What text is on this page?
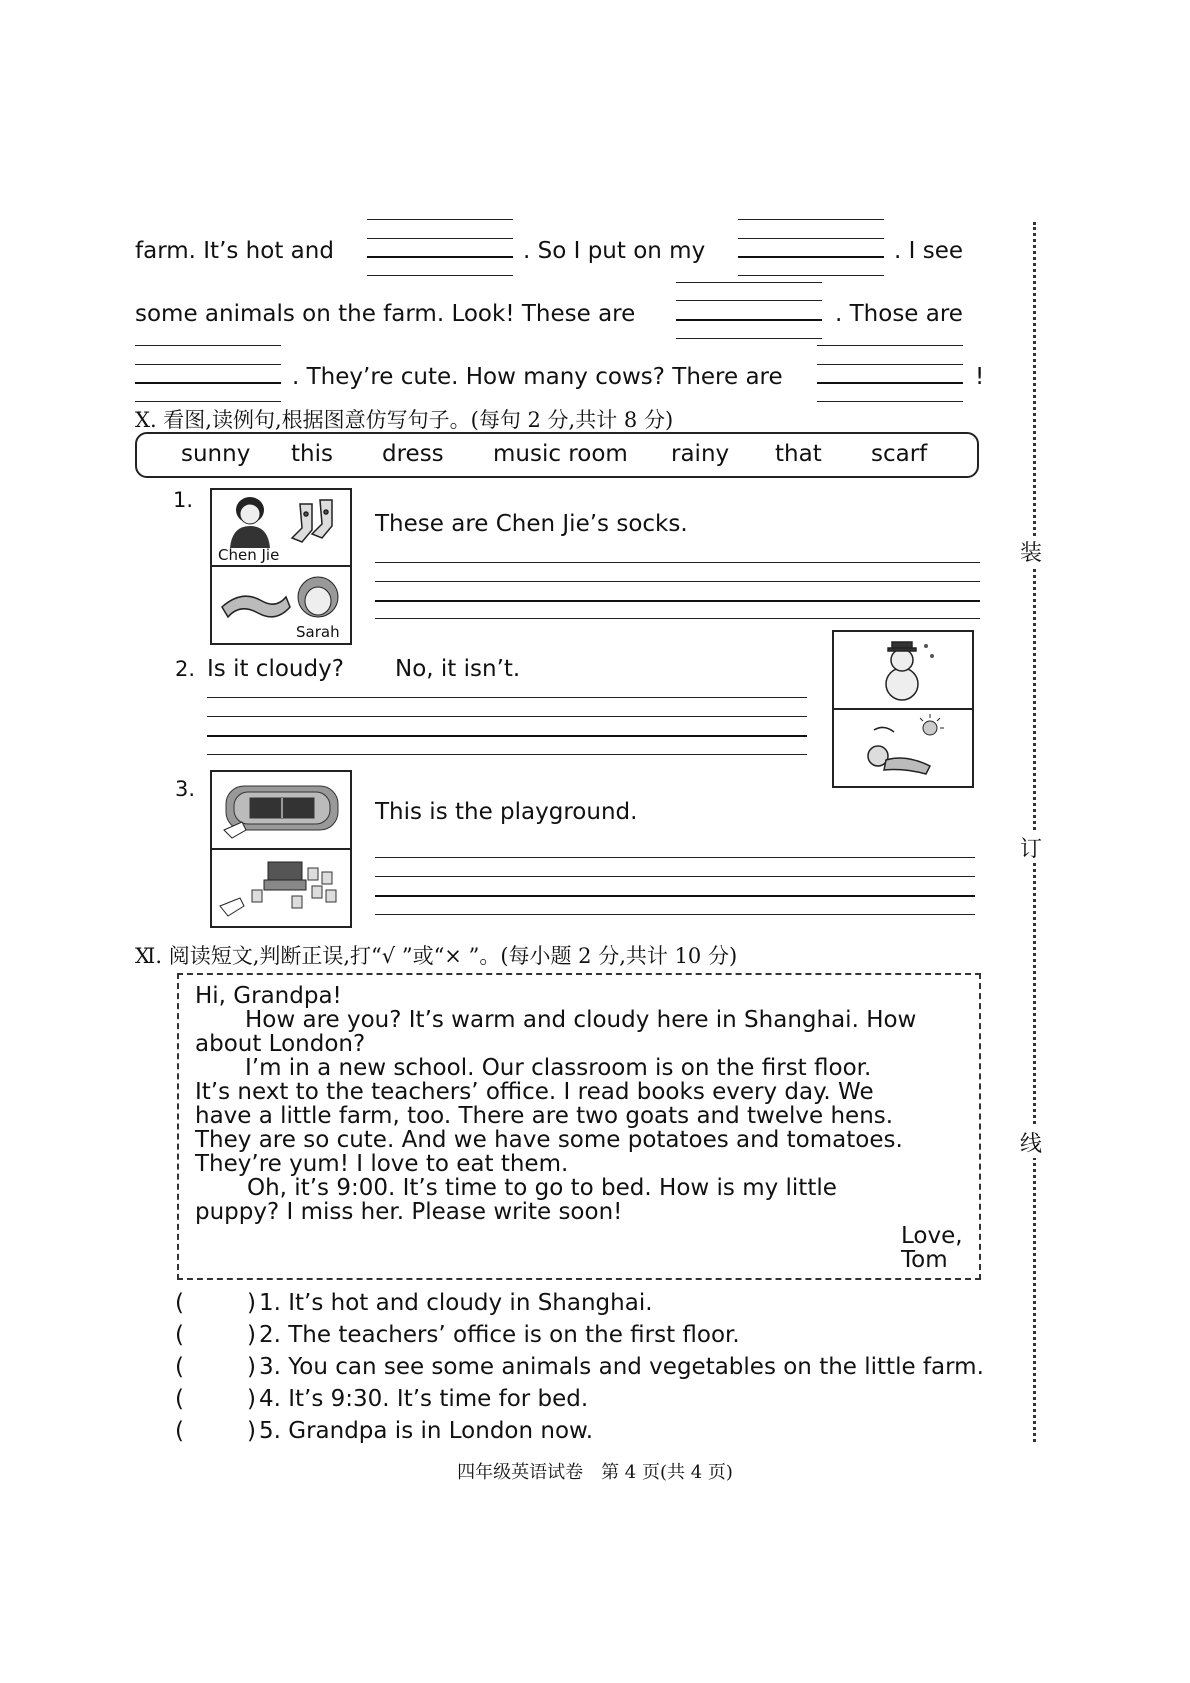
farm. It’s hot and	. So I put on my	. I see
some animals on the farm. Look! These are	. Those are
. They’re cute. How many cows? There are	!
Ⅹ. 看图,读例句,根据图意仿写句子。(每句 2 分,共计 8 分)
sunny this dress music room rainy that scarf
1.
Chen Jie
Sarah
These are Chen Jie’s socks.
2. Is it cloudy? No, it isn’t.
3.
This is the playground.
Ⅺ. 阅读短文,判断正误,打“√ ”或“× ”。(每小题 2 分,共计 10 分)
Hi, Grandpa!
How are you? It’s warm and cloudy here in Shanghai. How
about London?
I’m in a new school. Our classroom is on the first floor.
It’s next to the teachers’ office. I read books every day. We
have a little farm, too. There are two goats and twelve hens.
They are so cute. And we have some potatoes and tomatoes.
They’re yum! I love to eat them.
Oh, it’s 9:00. It’s time to go to bed. How is my little
puppy? I miss her. Please write soon!
Love,
Tom
(	) 1. It’s hot and cloudy in Shanghai.
(	) 2. The teachers’ office is on the first floor.
(	) 3. You can see some animals and vegetables on the little farm.
(	) 4. It’s 9:30. It’s time for bed.
(	) 5. Grandpa is in London now.
装
订
线
四年级英语试卷　第 4 页(共 4 页)
